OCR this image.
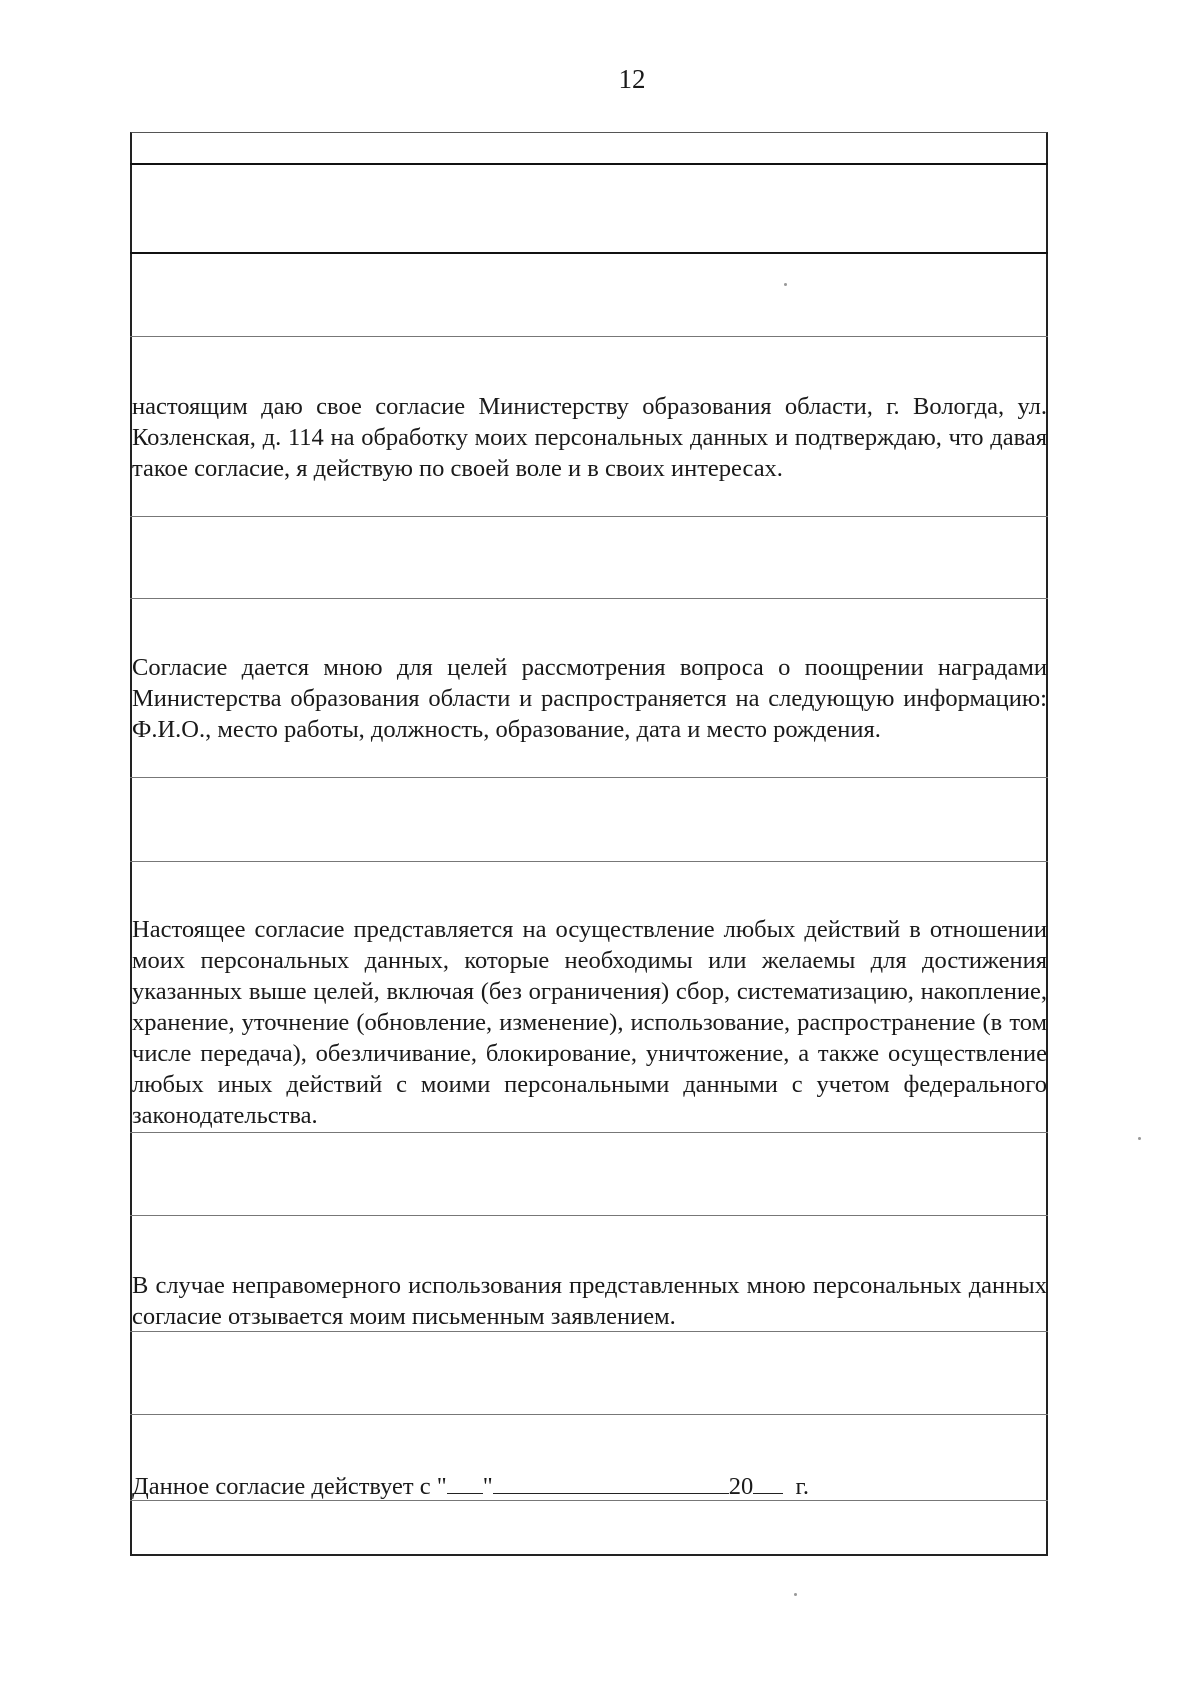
12
настоящим даю свое согласие Министерству образования области, г. Вологда, ул. Козленская, д. 114 на обработку моих персональных данных и подтверждаю, что давая такое согласие, я действую по своей воле и в своих интересах.
Согласие дается мною для целей рассмотрения вопроса о поощрении наградами Министерства образования области и распространяется на следующую информацию: Ф.И.О., место работы, должность, образование, дата и место рождения.
Настоящее согласие представляется на осуществление любых действий в отношении моих персональных данных, которые необходимы или желаемы для достижения указанных выше целей, включая (без ограничения) сбор, систематизацию, накопление, хранение, уточнение (обновление, изменение), использование, распространение (в том числе передача), обезличивание, блокирование, уничтожение, а также осуществление любых иных действий с моими персональными данными с учетом федерального законодательства.
В случае неправомерного использования представленных мною персональных данных согласие отзывается моим письменным заявлением.
Данное согласие действует с " "	20 г.
